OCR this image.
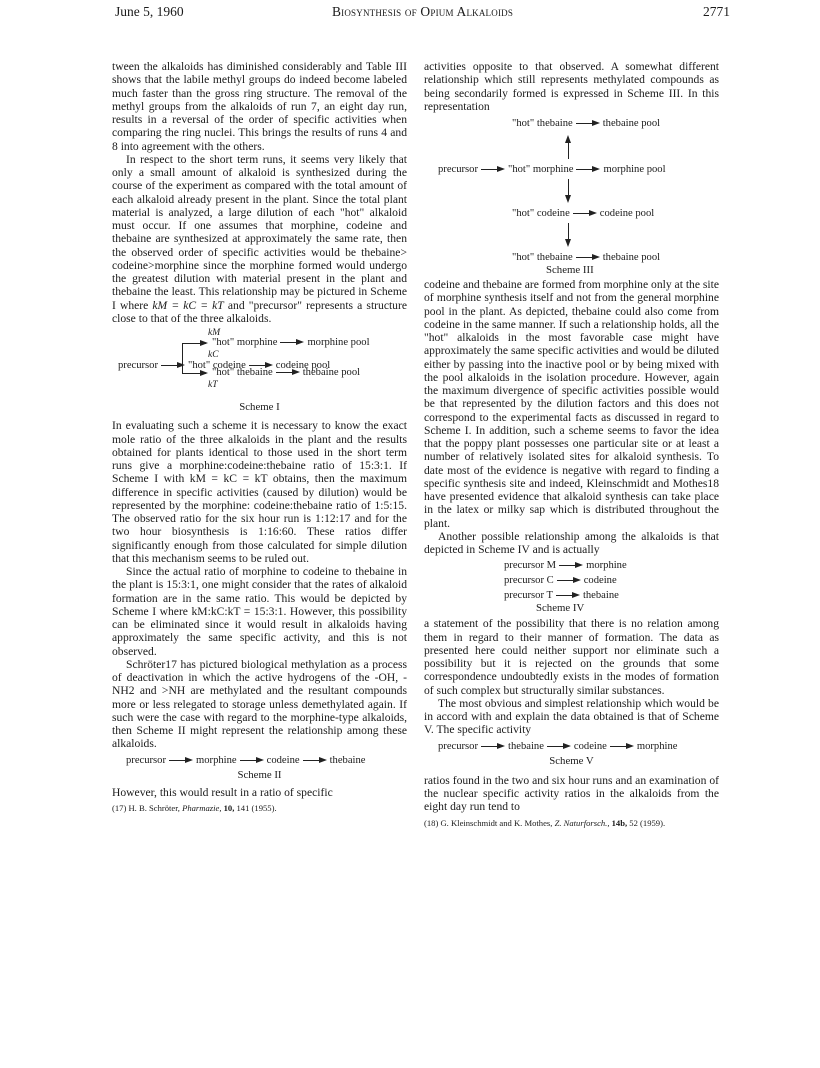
June 5, 1960	Biosynthesis of Opium Alkaloids	2771

tween the alkaloids has diminished considerably and Table III shows that the labile methyl groups do indeed become labeled much faster than the gross ring structure. The removal of the methyl groups from the alkaloids of run 7, an eight day run, results in a reversal of the order of specific activities when comparing the ring nuclei. This brings the results of runs 4 and 8 into agreement with the others.

In respect to the short term runs, it seems very likely that only a small amount of alkaloid is synthesized during the course of the experiment as compared with the total amount of each alkaloid already present in the plant. Since the total plant material is analyzed, a large dilution of each "hot" alkaloid must occur. If one assumes that morphine, codeine and thebaine are synthesized at approximately the same rate, then the observed order of specific activities would be thebaine> codeine>morphine since the morphine formed would undergo the greatest dilution with material present in the plant and thebaine the least. This relationship may be pictured in Scheme I where kM = kC = kT and "precursor" represents a structure close to that of the three alkaloids.

kM
"hot" morphine	morphine pool
kC
precursor	"hot" codeine	codeine pool
"hot" thebaine	thebaine pool
kT
Scheme I

In evaluating such a scheme it is necessary to know the exact mole ratio of the three alkaloids in the plant and the results obtained for plants identical to those used in the short term runs give a morphine:codeine:thebaine ratio of 15:3:1. If Scheme I with kM = kC = kT obtains, then the maximum difference in specific activities (caused by dilution) would be represented by the morphine: codeine:thebaine ratio of 1:5:15. The observed ratio for the six hour run is 1:12:17 and for the two hour biosynthesis is 1:16:60. These ratios differ significantly enough from those calculated for simple dilution that this mechanism seems to be ruled out.

Since the actual ratio of morphine to codeine to thebaine in the plant is 15:3:1, one might consider that the rates of alkaloid formation are in the same ratio. This would be depicted by Scheme I where kM:kC:kT = 15:3:1. However, this possibility can be eliminated since it would result in alkaloids having approximately the same specific activity, and this is not observed.

Schröter17 has pictured biological methylation as a process of deactivation in which the active hydrogens of the -OH, -NH2 and >NH are methylated and the resultant compounds more or less relegated to storage unless demethylated again. If such were the case with regard to the morphine-type alkaloids, then Scheme II might represent the relationship among these alkaloids.

precursor	morphine	codeine	thebaine
Scheme II

However, this would result in a ratio of specific

(17) H. B. Schröter, Pharmazie, 10, 141 (1955).

activities opposite to that observed. A somewhat different relationship which still represents methylated compounds as being secondarily formed is expressed in Scheme III. In this representation

"hot" thebaine	thebaine pool
precursor	"hot" morphine	morphine pool
"hot" codeine	codeine pool
"hot" thebaine	thebaine pool
Scheme III

codeine and thebaine are formed from morphine only at the site of morphine synthesis itself and not from the general morphine pool in the plant. As depicted, thebaine could also come from codeine in the same manner. If such a relationship holds, all the "hot" alkaloids in the most favorable case might have approximately the same specific activities and would be diluted either by passing into the inactive pool or by being mixed with the pool alkaloids in the isolation procedure. However, again the maximum divergence of specific activities possible would be that represented by the dilution factors and this does not correspond to the experimental facts as discussed in regard to Scheme I. In addition, such a scheme seems to favor the idea that the poppy plant possesses one particular site or at least a number of relatively isolated sites for alkaloid synthesis. To date most of the evidence is negative with regard to finding a specific synthesis site and indeed, Kleinschmidt and Mothes18 have presented evidence that alkaloid synthesis can take place in the latex or milky sap which is distributed throughout the plant.

Another possible relationship among the alkaloids is that depicted in Scheme IV and is actually

precursor M	morphine
precursor C	codeine
precursor T	thebaine
Scheme IV

a statement of the possibility that there is no relation among them in regard to their manner of formation. The data as presented here could neither support nor eliminate such a possibility but it is rejected on the grounds that some correspondence undoubtedly exists in the modes of formation of such complex but structurally similar substances.

The most obvious and simplest relationship which would be in accord with and explain the data obtained is that of Scheme V. The specific activity

precursor	thebaine	codeine	morphine
Scheme V

ratios found in the two and six hour runs and an examination of the nuclear specific activity ratios in the alkaloids from the eight day run tend to

(18) G. Kleinschmidt and K. Mothes, Z. Naturforsch., 14b, 52 (1959).
